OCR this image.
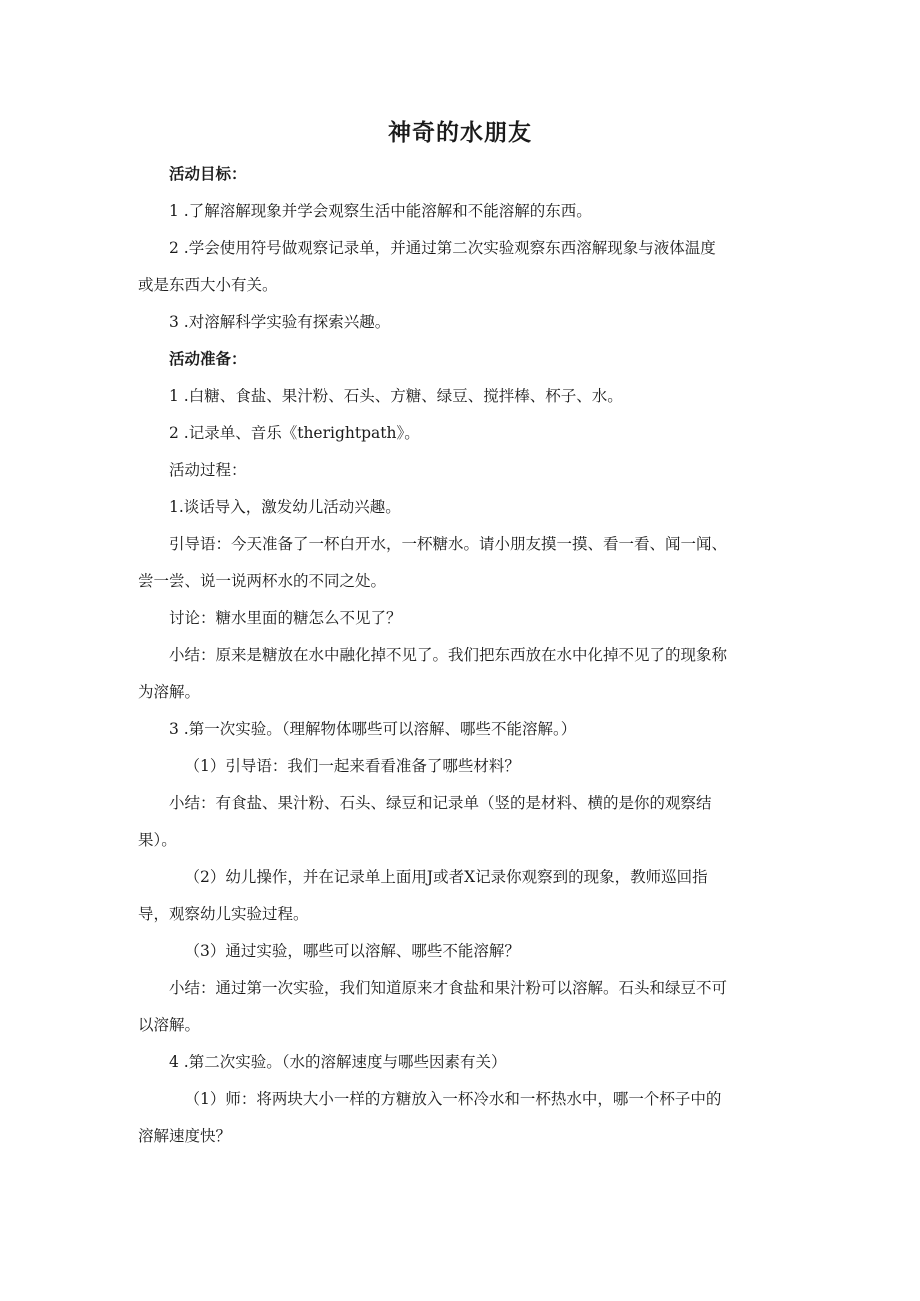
神奇的水朋友

活动目标：

1 .了解溶解现象并学会观察生活中能溶解和不能溶解的东西。

2 .学会使用符号做观察记录单，并通过第二次实验观察东西溶解现象与液体温度

或是东西大小有关。

3 .对溶解科学实验有探索兴趣。

活动准备：

1 .白糖、食盐、果汁粉、石头、方糖、绿豆、搅拌棒、杯子、水。

2 .记录单、音乐《therightpath》。

活动过程：

1.谈话导入，激发幼儿活动兴趣。

引导语：今天准备了一杯白开水，一杯糖水。请小朋友摸一摸、看一看、闻一闻、

尝一尝、说一说两杯水的不同之处。

讨论：糖水里面的糖怎么不见了？

小结：原来是糖放在水中融化掉不见了。我们把东西放在水中化掉不见了的现象称

为溶解。

3 .第一次实验。（理解物体哪些可以溶解、哪些不能溶解。）

（1）引导语：我们一起来看看准备了哪些材料？

小结：有食盐、果汁粉、石头、绿豆和记录单（竖的是材料、横的是你的观察结

果）。

（2）幼儿操作，并在记录单上面用J或者X记录你观察到的现象，教师巡回指

导，观察幼儿实验过程。

（3）通过实验，哪些可以溶解、哪些不能溶解？

小结：通过第一次实验，我们知道原来才食盐和果汁粉可以溶解。石头和绿豆不可

以溶解。

4 .第二次实验。（水的溶解速度与哪些因素有关）

（1）师：将两块大小一样的方糖放入一杯冷水和一杯热水中，哪一个杯子中的

溶解速度快？
